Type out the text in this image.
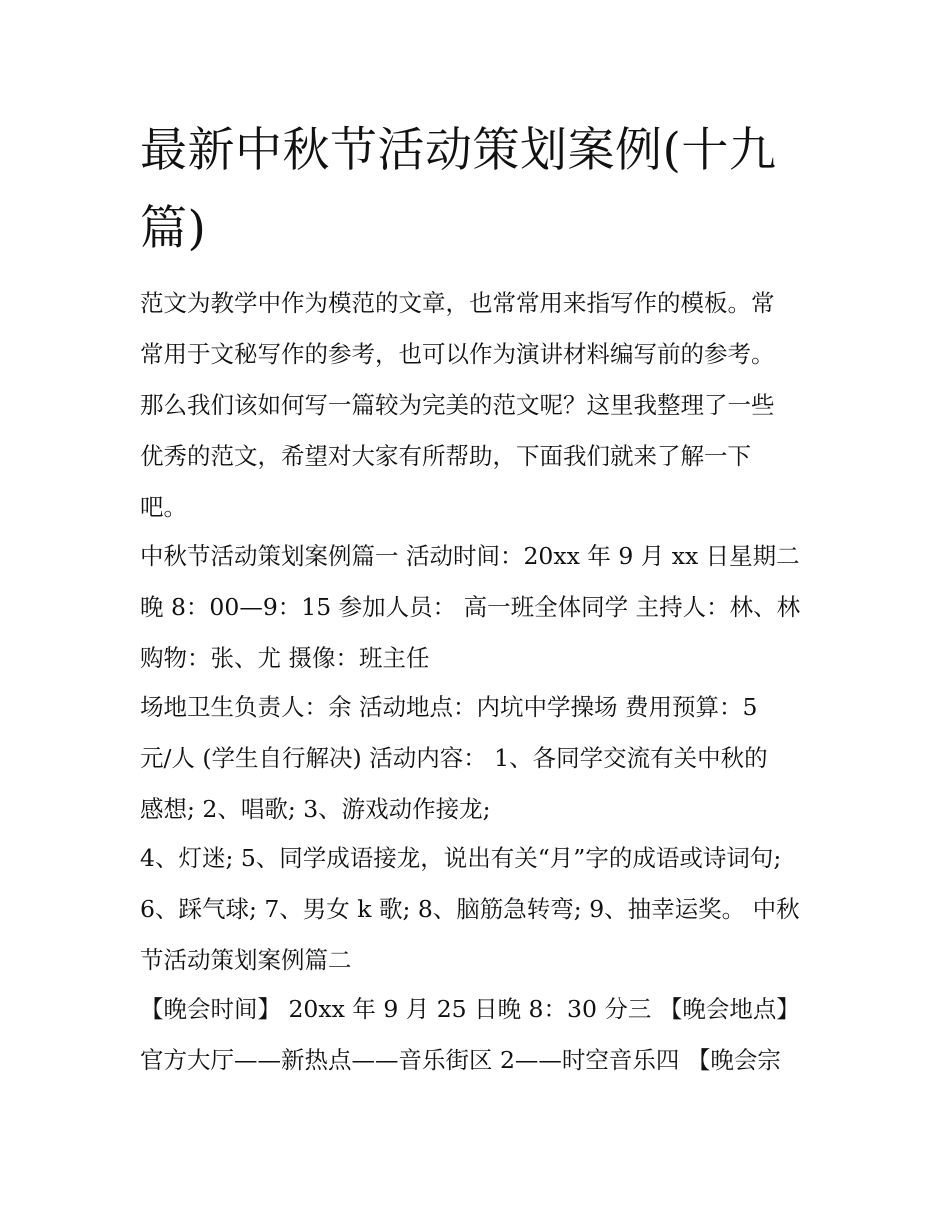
最新中秋节活动策划案例(十九
篇)

范文为教学中作为模范的文章，也常常用来指写作的模板。常
常用于文秘写作的参考，也可以作为演讲材料编写前的参考。
那么我们该如何写一篇较为完美的范文呢？这里我整理了一些
优秀的范文，希望对大家有所帮助，下面我们就来了解一下
吧。

中秋节活动策划案例篇一 活动时间：20xx 年 9 月 xx 日星期二
晚 8：00—9：15 参加人员： 高一班全体同学 主持人：林、林
购物：张、尤 摄像：班主任

场地卫生负责人：余 活动地点：内坑中学操场 费用预算：5
元/人 (学生自行解决) 活动内容： 1、各同学交流有关中秋的
感想; 2、唱歌; 3、游戏动作接龙;

4、灯迷; 5、同学成语接龙，说出有关“月”字的成语或诗词句;
6、踩气球; 7、男女 k 歌; 8、脑筋急转弯; 9、抽幸运奖。 中秋
节活动策划案例篇二

【晚会时间】 20xx 年 9 月 25 日晚 8：30 分三 【晚会地点】
官方大厅——新热点——音乐街区 2——时空音乐四 【晚会宗
